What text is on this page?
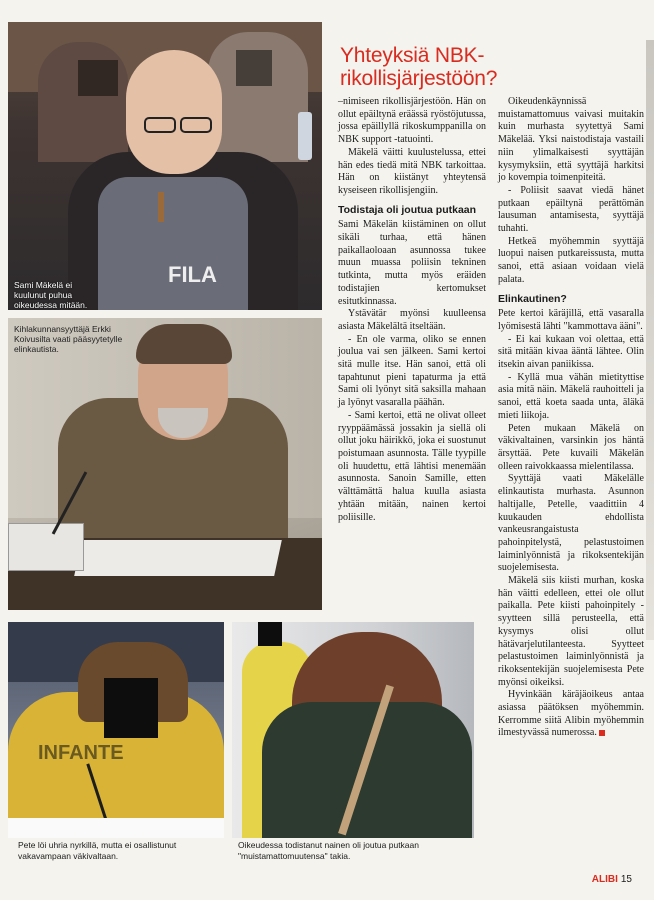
FILA
Sami Mäkelä ei kuulunut puhua oikeudessa mitään.
Kihlakunnansyyttäjä Erkki Koivusilta vaati pääsyytetylle elinkautista.
INFANTE
Pete löi uhria nyrkillä, mutta ei osallistunut vakavampaan väkivaltaan.
Oikeudessa todistanut nainen oli joutua putkaan "muistamattomuutensa" takia.
Yhteyksiä NBK-rikollisjärjestöön?

–nimiseen rikollisjärjestöön. Hän on ollut epäiltynä eräässä ryöstöjutussa, jossa epäillyllä rikoskumppanilla on NBK support -tatuointi.

Mäkelä väitti kuulustelussa, ettei hän edes tiedä mitä NBK tarkoittaa. Hän on kiistänyt yhteytensä kyseiseen rikollisjengiin.

Todistaja oli joutua putkaan

Sami Mäkelän kiistäminen on ollut sikäli turhaa, että hänen paikallaoloaan asunnossa tukee muun muassa poliisin tekninen tutkinta, mutta myös eräiden todistajien kertomukset esitutkinnassa.

Ystävätär myönsi kuulleensa asiasta Mäkelältä itseltään.

- En ole varma, oliko se ennen joulua vai sen jälkeen. Sami kertoi sitä mulle itse. Hän sanoi, että oli tapahtunut pieni tapaturma ja että Sami oli lyönyt sitä saksilla mahaan ja lyönyt vasaralla päähän.

- Sami kertoi, että ne olivat olleet ryyppäämässä jossakin ja siellä oli ollut joku häirikkö, joka ei suostunut poistumaan asunnosta. Tälle tyypille oli huudettu, että lähtisi menemään asunnosta. Sanoin Samille, etten välttämättä halua kuulla asiasta yhtään mitään, nainen kertoi poliisille.

Oikeudenkäynnissä muistamattomuus vaivasi muitakin kuin murhasta syytettyä Sami Mäkelää. Yksi naistodistaja vastaili niin ylimalkaisesti syyttäjän kysymyksiin, että syyttäjä harkitsi jo kovempia toimenpiteitä.

- Poliisit saavat viedä hänet putkaan epäiltynä perättömän lausuman antamisesta, syyttäjä tuhahti.

Hetkeä myöhemmin syyttäjä luopui naisen putkareissusta, mutta sanoi, että asiaan voidaan vielä palata.

Elinkautinen?

Pete kertoi käräjillä, että vasaralla lyömisestä lähti "kammottava ääni".

- Ei kai kukaan voi olettaa, että sitä mitään kivaa ääntä lähtee. Olin itsekin aivan paniikissa.

- Kyllä mua vähän mietityttise asia mitä näin. Mäkelä rauhoitteli ja sanoi, että koeta saada unta, äläkä mieti liikoja.

Peten mukaan Mäkelä on väkivaltainen, varsinkin jos häntä ärsyttää. Pete kuvaili Mäkelän olleen raivokkaassa mielentilassa.

Syyttäjä vaati Mäkelälle elinkautista murhasta. Asunnon haltijalle, Petelle, vaadittiin 4 kuukauden ehdollista vankeusrangaistusta pahoinpitelystä, pelastustoimen laiminlyönnistä ja rikoksentekijän suojelemisesta.

Mäkelä siis kiisti murhan, koska hän väitti edelleen, ettei ole ollut paikalla. Pete kiisti pahoinpitely -syytteen sillä perusteella, että kysymys olisi ollut hätävarjelutilanteesta. Syytteet pelastustoimen laiminlyönnistä ja rikoksentekijän suojelemisesta Pete myönsi oikeiksi.

Hyvinkään käräjäoikeus antaa asiassa päätöksen myöhemmin. Kerromme siitä Alibin myöhemmin ilmestyvässä numerossa.

ALIBI 15
